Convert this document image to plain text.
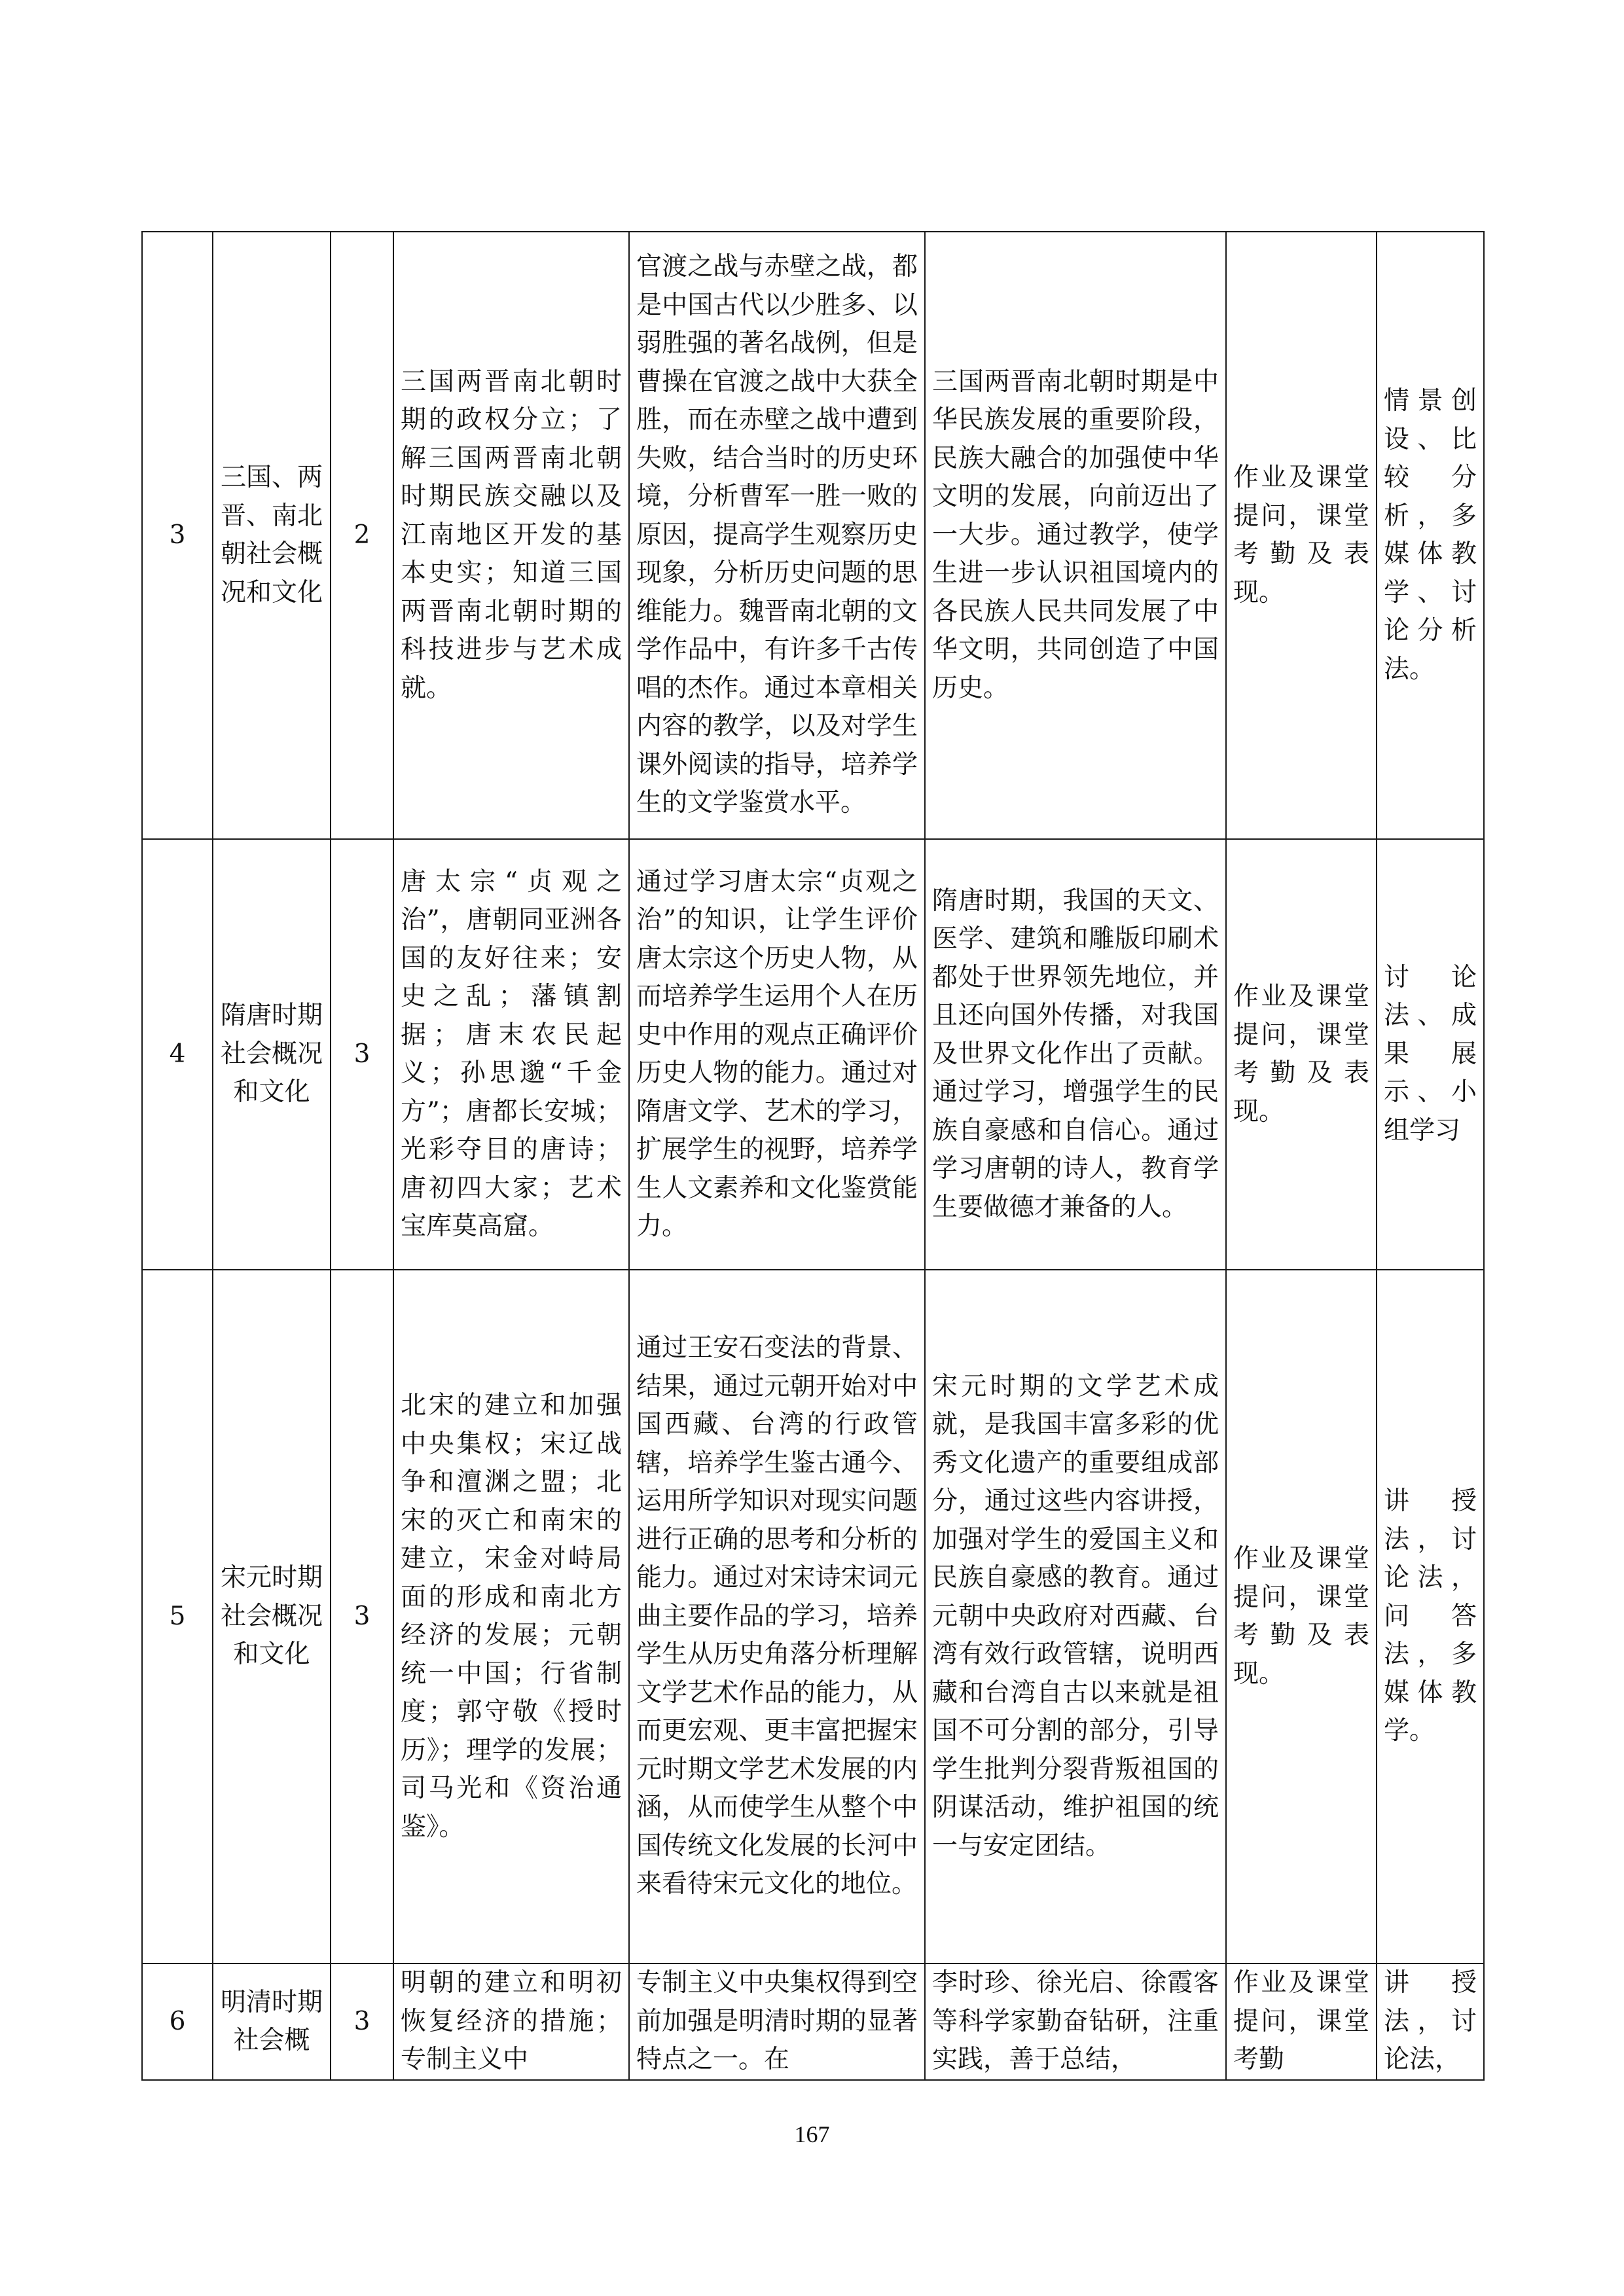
3	三国、两晋、南北朝社会概况和文化	2	三国两晋南北朝时期的政权分立；了解三国两晋南北朝时期民族交融以及江南地区开发的基本史实；知道三国两晋南北朝时期的科技进步与艺术成就。	官渡之战与赤壁之战，都是中国古代以少胜多、以弱胜强的著名战例，但是曹操在官渡之战中大获全胜，而在赤壁之战中遭到失败，结合当时的历史环境，分析曹军一胜一败的原因，提高学生观察历史现象，分析历史问题的思维能力。魏晋南北朝的文学作品中，有许多千古传唱的杰作。通过本章相关内容的教学，以及对学生课外阅读的指导，培养学生的文学鉴赏水平。	三国两晋南北朝时期是中华民族发展的重要阶段，民族大融合的加强使中华文明的发展，向前迈出了一大步。通过教学，使学生进一步认识祖国境内的各民族人民共同发展了中华文明，共同创造了中国历史。	作业及课堂提问，课堂考勤及表现。	情景创设、比较分析，多媒体教学、讨论分析法。
4	隋唐时期社会概况和文化	3	唐太宗“贞观之治”，唐朝同亚洲各国的友好往来；安史之乱；藩镇割据；唐末农民起义；孙思邈“千金方”；唐都长安城；光彩夺目的唐诗；唐初四大家；艺术宝库莫高窟。	通过学习唐太宗“贞观之治”的知识，让学生评价唐太宗这个历史人物，从而培养学生运用个人在历史中作用的观点正确评价历史人物的能力。通过对隋唐文学、艺术的学习，扩展学生的视野，培养学生人文素养和文化鉴赏能力。	隋唐时期，我国的天文、医学、建筑和雕版印刷术都处于世界领先地位，并且还向国外传播，对我国及世界文化作出了贡献。通过学习，增强学生的民族自豪感和自信心。通过学习唐朝的诗人，教育学生要做德才兼备的人。	作业及课堂提问，课堂考勤及表现。	讨论法、成果展示、小组学习
5	宋元时期社会概况和文化	3	北宋的建立和加强中央集权；宋辽战争和澶渊之盟；北宋的灭亡和南宋的建立，宋金对峙局面的形成和南北方经济的发展；元朝统一中国；行省制度；郭守敬《授时历》；理学的发展；司马光和《资治通鉴》。	通过王安石变法的背景、结果，通过元朝开始对中国西藏、台湾的行政管辖，培养学生鉴古通今、运用所学知识对现实问题进行正确的思考和分析的能力。通过对宋诗宋词元曲主要作品的学习，培养学生从历史角落分析理解文学艺术作品的能力，从而更宏观、更丰富把握宋元时期文学艺术发展的内涵，从而使学生从整个中国传统文化发展的长河中来看待宋元文化的地位。	宋元时期的文学艺术成就，是我国丰富多彩的优秀文化遗产的重要组成部分，通过这些内容讲授，加强对学生的爱国主义和民族自豪感的教育。通过元朝中央政府对西藏、台湾有效行政管辖，说明西藏和台湾自古以来就是祖国不可分割的部分，引导学生批判分裂背叛祖国的阴谋活动，维护祖国的统一与安定团结。	作业及课堂提问，课堂考勤及表现。	讲授法，讨论法，问答法，多媒体教学。
6	明清时期社会概	3	明朝的建立和明初恢复经济的措施；专制主义中	专制主义中央集权得到空前加强是明清时期的显著特点之一。在	李时珍、徐光启、徐霞客等科学家勤奋钻研，注重实践，善于总结，	作业及课堂提问，课堂考勤	讲授法，讨论法，
167
